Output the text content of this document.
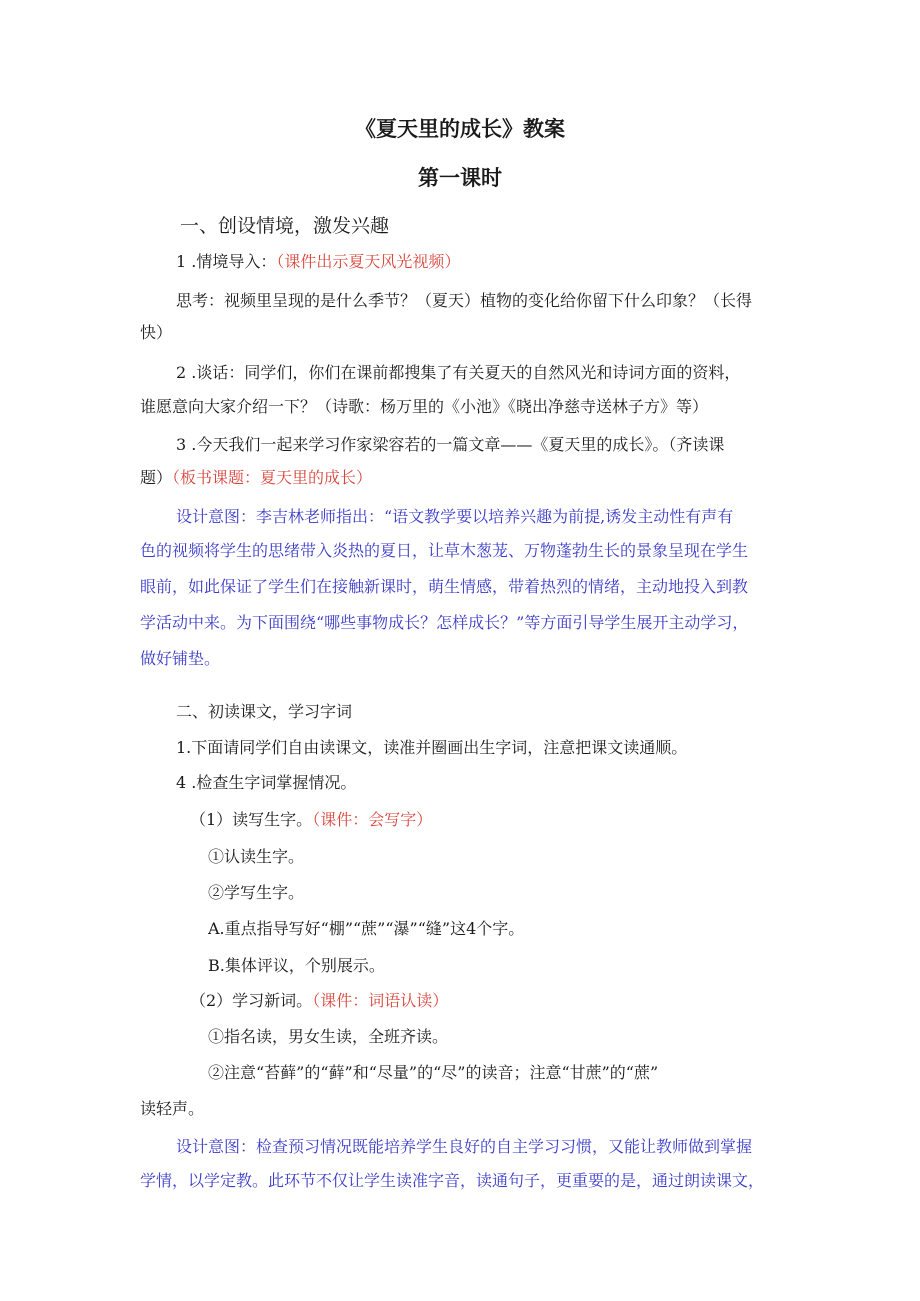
《夏天里的成长》教案
第一课时
一、创设情境，激发兴趣
1 .情境导入：（课件出示夏天风光视频）
思考：视频里呈现的是什么季节？（夏天）植物的变化给你留下什么印象？（长得
快）
2 .谈话：同学们，你们在课前都搜集了有关夏天的自然风光和诗词方面的资料，
谁愿意向大家介绍一下？（诗歌：杨万里的《小池》《晓出净慈寺送林子方》等）
3 .今天我们一起来学习作家梁容若的一篇文章——《夏天里的成长》。（齐读课
题）（板书课题：夏天里的成长）
设计意图：李吉林老师指出：“语文教学要以培养兴趣为前提,诱发主动性有声有
色的视频将学生的思绪带入炎热的夏日，让草木葱茏、万物蓬勃生长的景象呈现在学生
眼前，如此保证了学生们在接触新课时，萌生情感，带着热烈的情绪，主动地投入到教
学活动中来。为下面围绕“哪些事物成长？怎样成长？”等方面引导学生展开主动学习，
做好铺垫。
二、初读课文，学习字词
1.下面请同学们自由读课文，读准并圈画出生字词，注意把课文读通顺。
4 .检查生字词掌握情况。
（1）读写生字。（课件：会写字）
①认读生字。
②学写生字。
A.重点指导写好“棚”“蔗”“瀑”“缝”这4个字。
B.集体评议，个别展示。
（2）学习新词。（课件：词语认读）
①指名读，男女生读，全班齐读。
②注意“苔藓”的“藓”和“尽量”的“尽”的读音；注意“甘蔗”的“蔗”
读轻声。
设计意图：检查预习情况既能培养学生良好的自主学习习惯，又能让教师做到掌握
学情，以学定教。此环节不仅让学生读准字音，读通句子，更重要的是，通过朗读课文，
